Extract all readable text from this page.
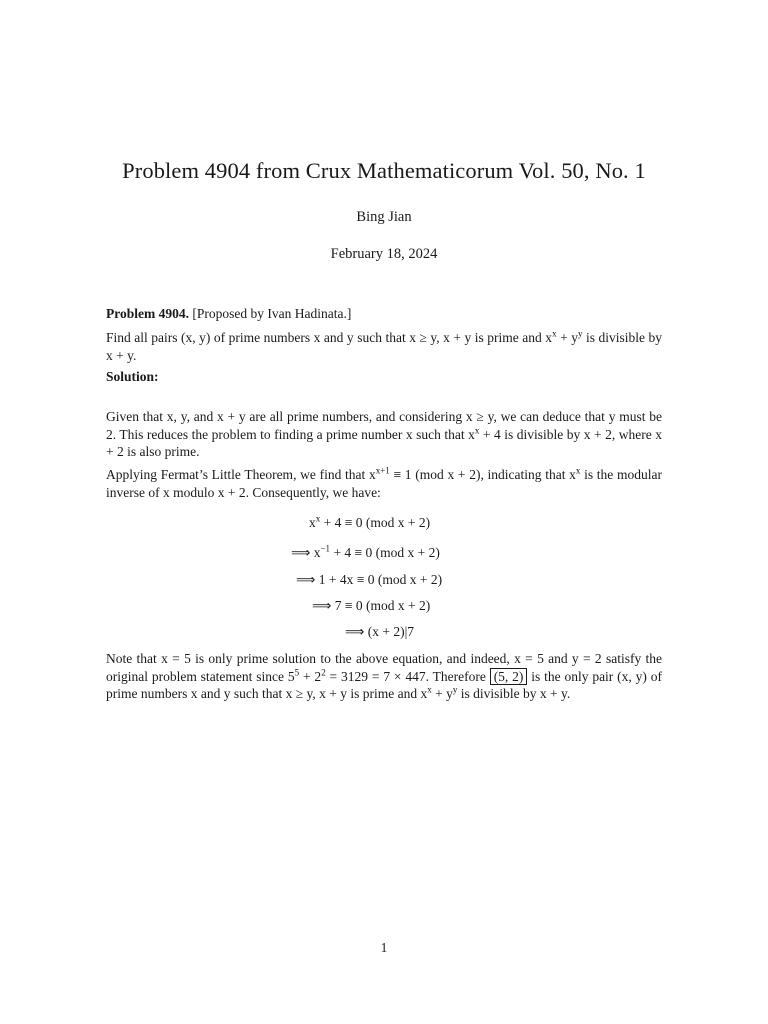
Problem 4904 from Crux Mathematicorum Vol. 50, No. 1
Bing Jian
February 18, 2024
Problem 4904. [Proposed by Ivan Hadinata.]
Find all pairs (x, y) of prime numbers x and y such that x ≥ y, x + y is prime and $x^x + y^y$ is divisible by x + y.
Solution:
Given that x, y, and x + y are all prime numbers, and considering x ≥ y, we can deduce that y must be 2. This reduces the problem to finding a prime number x such that $x^x + 4$ is divisible by x + 2, where x + 2 is also prime.
Applying Fermat’s Little Theorem, we find that $x^{x+1} \equiv 1$ (mod x + 2), indicating that $x^x$ is the modular inverse of x modulo x + 2. Consequently, we have:
$x^x + 4 \equiv 0$ (mod x + 2)
⟹ $x^{-1} + 4 \equiv 0$ (mod x + 2)
⟹ 1 + 4x ≡ 0 (mod x + 2)
⟹ 7 ≡ 0 (mod x + 2)
⟹ (x + 2)|7
Note that x = 5 is only prime solution to the above equation, and indeed, x = 5 and y = 2 satisfy the original problem statement since $5^5 + 2^2 = 3129 = 7 \times 447$. Therefore (5, 2) is the only pair (x, y) of prime numbers x and y such that x ≥ y, x + y is prime and $x^x + y^y$ is divisible by x + y.
1
